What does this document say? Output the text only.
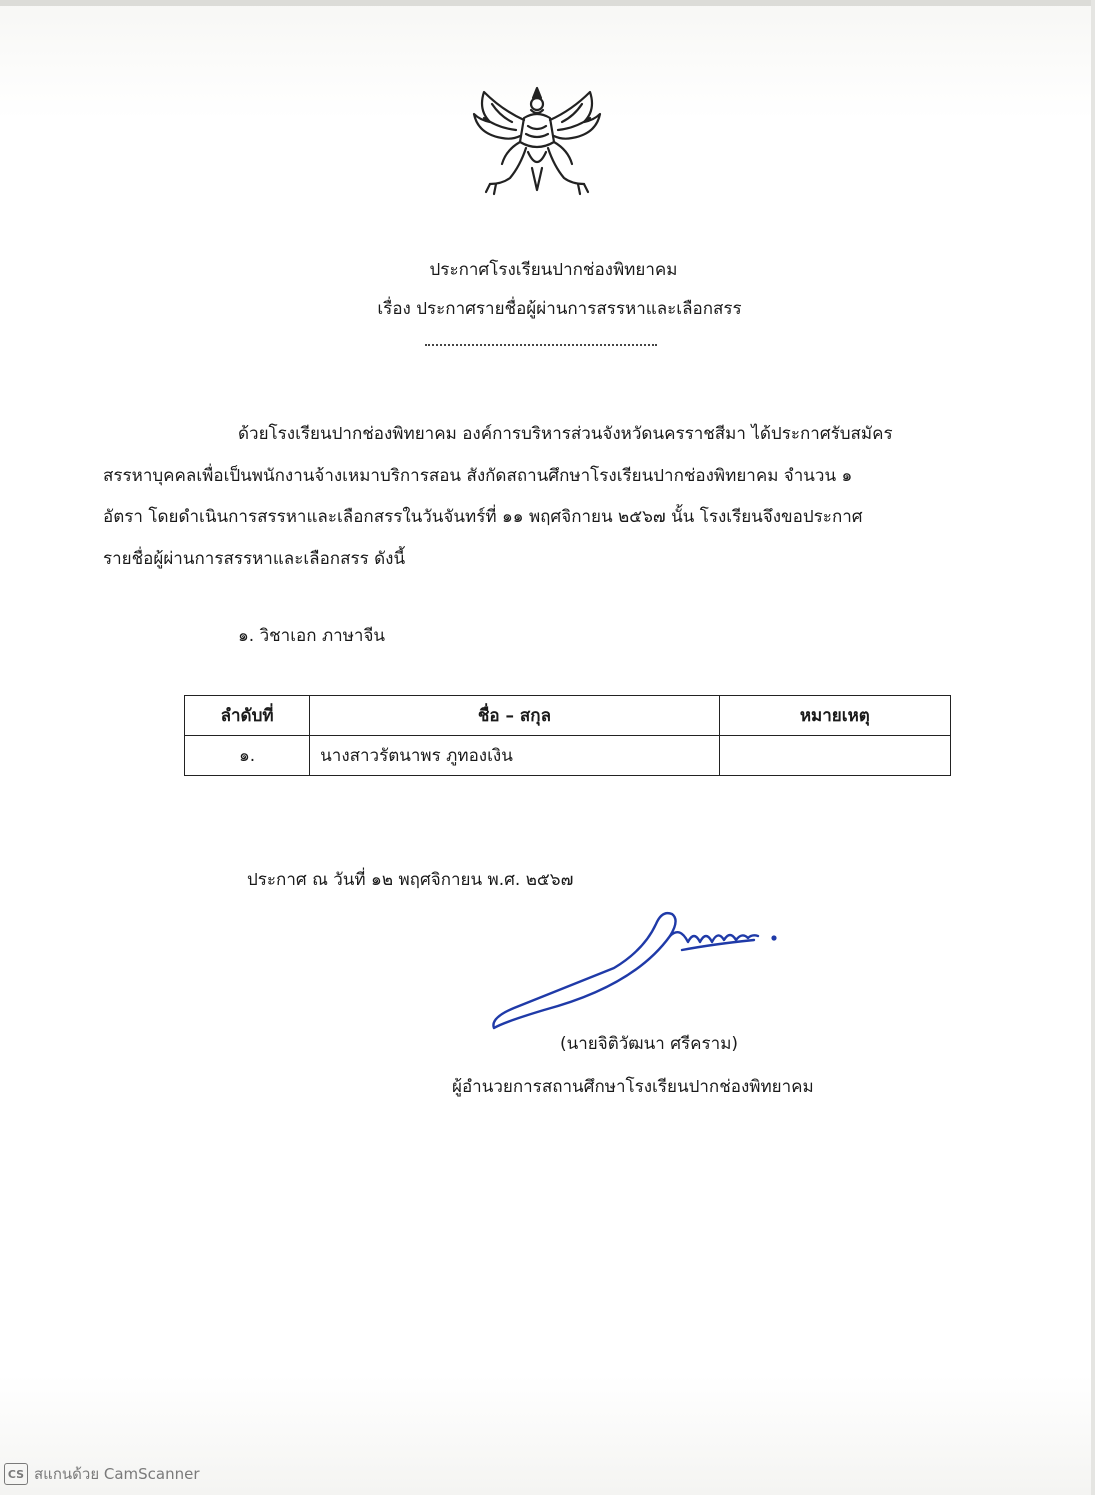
ประกาศโรงเรียนปากช่องพิทยาคม
เรื่อง ประกาศรายชื่อผู้ผ่านการสรรหาและเลือกสรร
ด้วยโรงเรียนปากช่องพิทยาคม องค์การบริหารส่วนจังหวัดนครราชสีมา ได้ประกาศรับสมัคร
สรรหาบุคคลเพื่อเป็นพนักงานจ้างเหมาบริการสอน สังกัดสถานศึกษาโรงเรียนปากช่องพิทยาคม จำนวน ๑
อัตรา โดยดำเนินการสรรหาและเลือกสรรในวันจันทร์ที่ ๑๑ พฤศจิกายน ๒๕๖๗ นั้น โรงเรียนจึงขอประกาศ
รายชื่อผู้ผ่านการสรรหาและเลือกสรร ดังนี้
๑. วิชาเอก ภาษาจีน
ลำดับที่	ชื่อ – สกุล	หมายเหตุ
๑.	นางสาวรัตนาพร ภูทองเงิน	
ประกาศ ณ วันที่ ๑๒ พฤศจิกายน พ.ศ. ๒๕๖๗
(นายจิติวัฒนา ศรีคราม)
ผู้อำนวยการสถานศึกษาโรงเรียนปากช่องพิทยาคม
CS สแกนด้วย CamScanner
